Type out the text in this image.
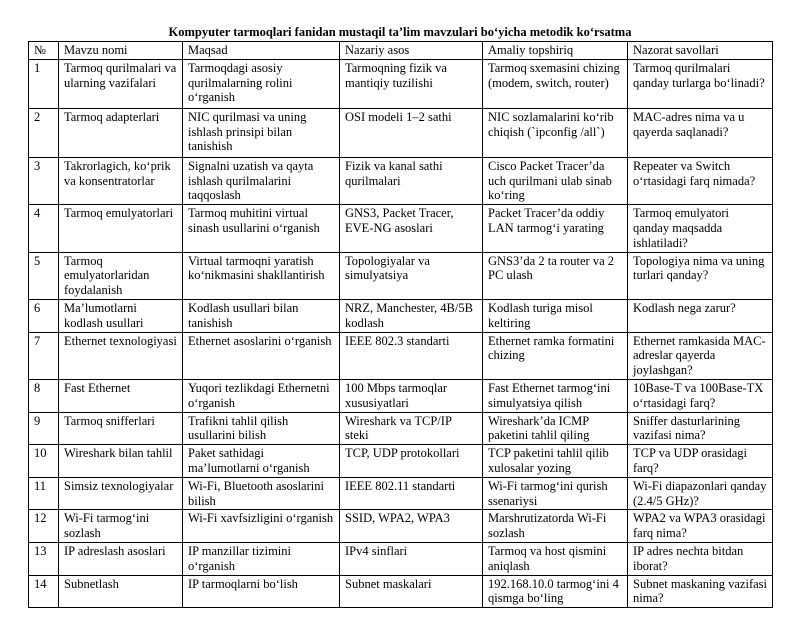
Kompyuter tarmoqlari fanidan mustaqil ta’lim mavzulari bo‘yicha metodik ko‘rsatma
№	Mavzu nomi	Maqsad	Nazariy asos	Amaliy topshiriq	Nazorat savollari
1	Tarmoq qurilmalari va ularning vazifalari	Tarmoqdagi asosiy qurilmalarning rolini o‘rganish	Tarmoqning fizik va mantiqiy tuzilishi	Tarmoq sxemasini chizing (modem, switch, router)	Tarmoq qurilmalari qanday turlarga bo‘linadi?
2	Tarmoq adapterlari	NIC qurilmasi va uning ishlash prinsipi bilan tanishish	OSI modeli 1–2 sathi	NIC sozlamalarini ko‘rib chiqish (`ipconfig /all`)	MAC-adres nima va u qayerda saqlanadi?
3	Takrorlagich, ko‘prik va konsentratorlar	Signalni uzatish va qayta ishlash qurilmalarini taqqoslash	Fizik va kanal sathi qurilmalari	Cisco Packet Tracer’da uch qurilmani ulab sinab ko‘ring	Repeater va Switch o‘rtasidagi farq nimada?
4	Tarmoq emulyatorlari	Tarmoq muhitini virtual sinash usullarini o‘rganish	GNS3, Packet Tracer, EVE-NG asoslari	Packet Tracer’da oddiy LAN tarmog‘i yarating	Tarmoq emulyatori qanday maqsadda ishlatiladi?
5	Tarmoq emulyatorlaridan foydalanish	Virtual tarmoqni yaratish ko‘nikmasini shakllantirish	Topologiyalar va simulyatsiya	GNS3’da 2 ta router va 2 PC ulash	Topologiya nima va uning turlari qanday?
6	Ma’lumotlarni kodlash usullari	Kodlash usullari bilan tanishish	NRZ, Manchester, 4B/5B kodlash	Kodlash turiga misol keltiring	Kodlash nega zarur?
7	Ethernet texnologiyasi	Ethernet asoslarini o‘rganish	IEEE 802.3 standarti	Ethernet ramka formatini chizing	Ethernet ramkasida MAC-adreslar qayerda joylashgan?
8	Fast Ethernet	Yuqori tezlikdagi Ethernetni o‘rganish	100 Mbps tarmoqlar xususiyatlari	Fast Ethernet tarmog‘ini simulyatsiya qilish	10Base-T va 100Base-TX o‘rtasidagi farq?
9	Tarmoq snifferlari	Trafikni tahlil qilish usullarini bilish	Wireshark va TCP/IP steki	Wireshark’da ICMP paketini tahlil qiling	Sniffer dasturlarining vazifasi nima?
10	Wireshark bilan tahlil	Paket sathidagi ma’lumotlarni o‘rganish	TCP, UDP protokollari	TCP paketini tahlil qilib xulosalar yozing	TCP va UDP orasidagi farq?
11	Simsiz texnologiyalar	Wi-Fi, Bluetooth asoslarini bilish	IEEE 802.11 standarti	Wi-Fi tarmog‘ini qurish ssenariysi	Wi-Fi diapazonlari qanday (2.4/5 GHz)?
12	Wi-Fi tarmog‘ini sozlash	Wi-Fi xavfsizligini o‘rganish	SSID, WPA2, WPA3	Marshrutizatorda Wi-Fi sozlash	WPA2 va WPA3 orasidagi farq nima?
13	IP adreslash asoslari	IP manzillar tizimini o‘rganish	IPv4 sinflari	Tarmoq va host qismini aniqlash	IP adres nechta bitdan iborat?
14	Subnetlash	IP tarmoqlarni bo‘lish	Subnet maskalari	192.168.10.0 tarmog‘ini 4 qismga bo‘ling	Subnet maskaning vazifasi nima?
